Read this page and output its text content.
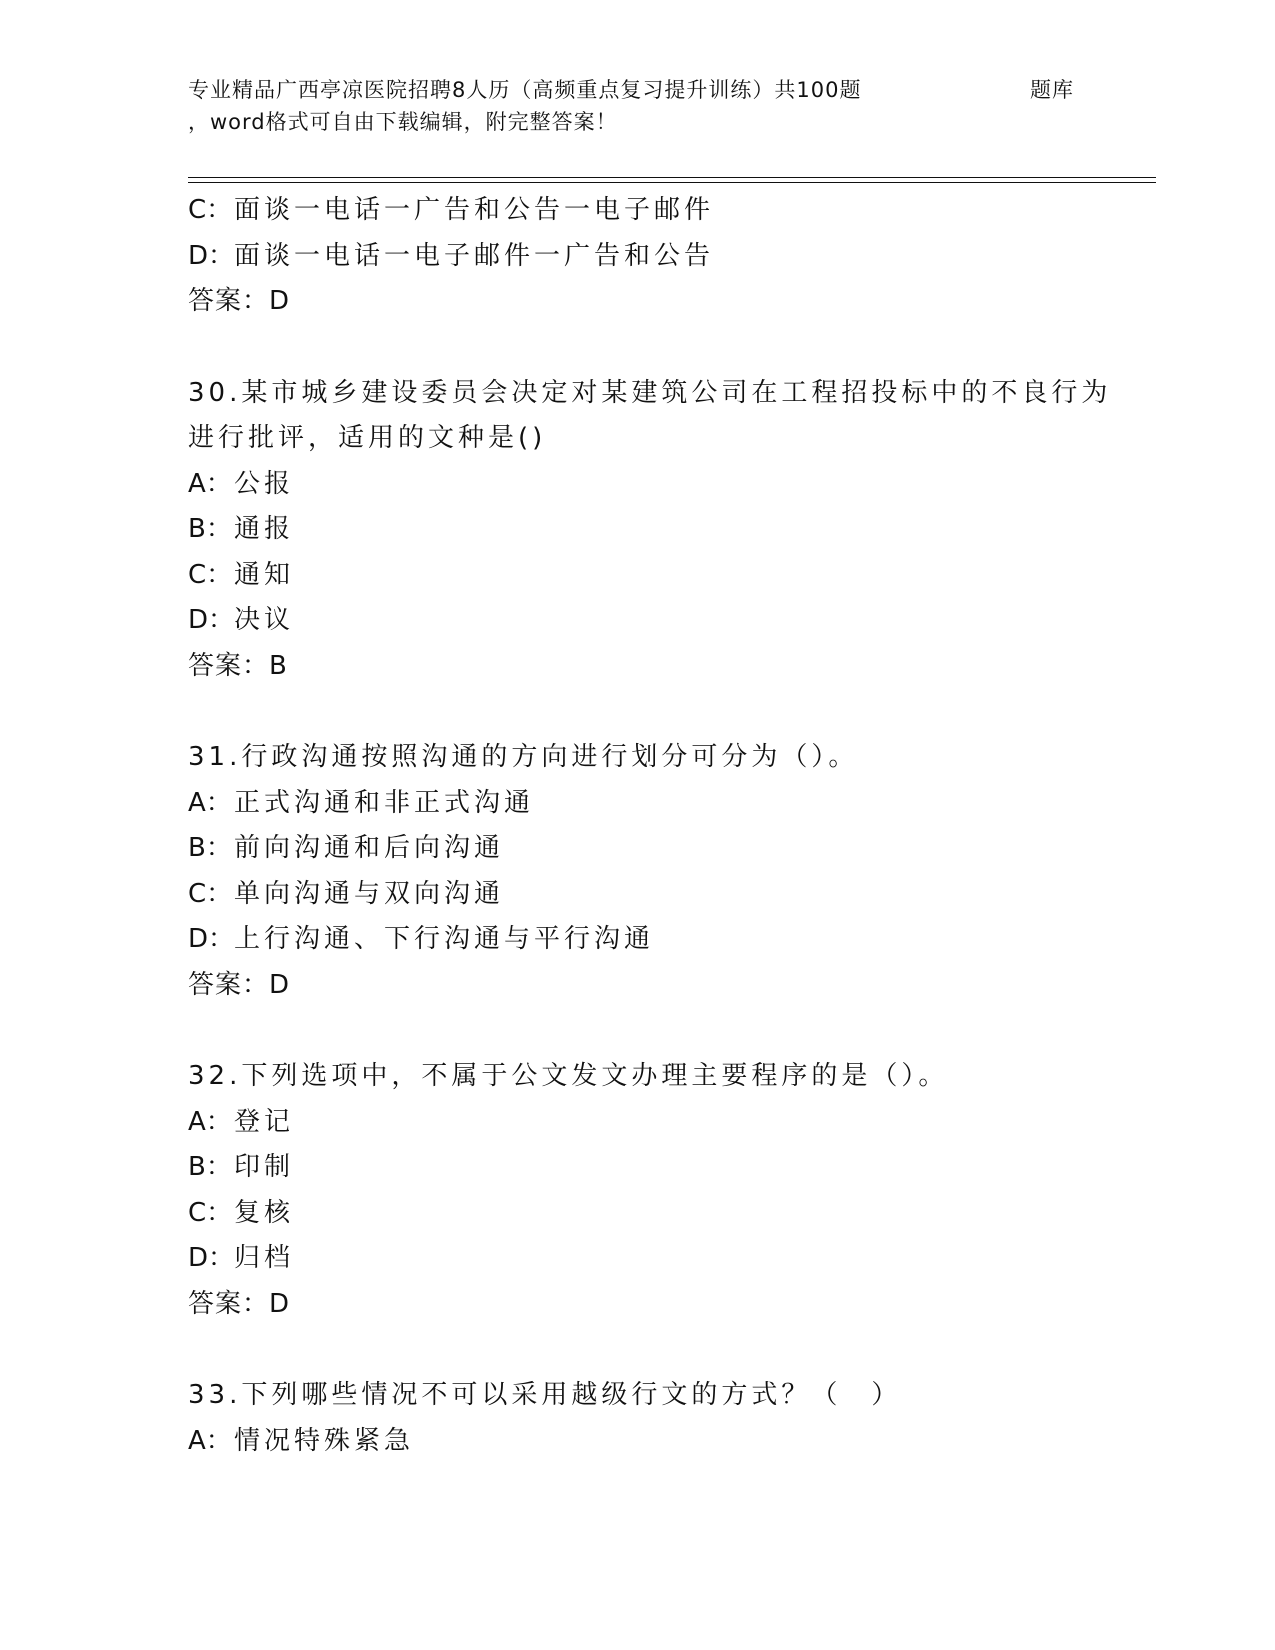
专业精品广西亭凉医院招聘8人历（高频重点复习提升训练）共100题	题库
，word格式可自由下载编辑，附完整答案！
C：面谈一电话一广告和公告一电子邮件
D：面谈一电话一电子邮件一广告和公告
答案：D
30.某市城乡建设委员会决定对某建筑公司在工程招投标中的不良行为
进行批评，适用的文种是()
A：公报
B：通报
C：通知
D：决议
答案：B
31.行政沟通按照沟通的方向进行划分可分为（）。
A：正式沟通和非正式沟通
B：前向沟通和后向沟通
C：单向沟通与双向沟通
D：上行沟通、下行沟通与平行沟通
答案：D
32.下列选项中，不属于公文发文办理主要程序的是（）。
A：登记
B：印制
C：复核
D：归档
答案：D
33.下列哪些情况不可以采用越级行文的方式？（　）
A：情况特殊紧急
